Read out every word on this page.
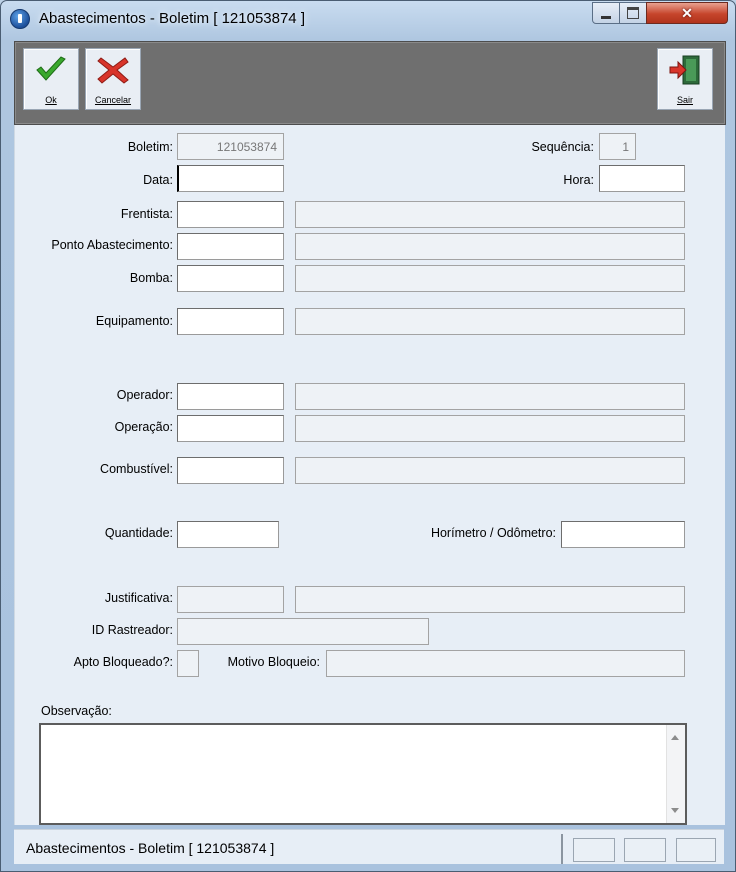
Abastecimentos - Boletim [ 121053874 ]	✕
Ok	Cancelar	Sair
Boletim:
121053874	Sequência:
1
Data:	Hora:
Frentista:
Ponto Abastecimento:
Bomba:
Equipamento:
Operador:
Operação:
Combustível:
Quantidade:	Horímetro / Odômetro:
Justificativa:
ID Rastreador:
Apto Bloqueado?:	Motivo Bloqueio:
Observação:
Abastecimentos - Boletim [ 121053874 ]
